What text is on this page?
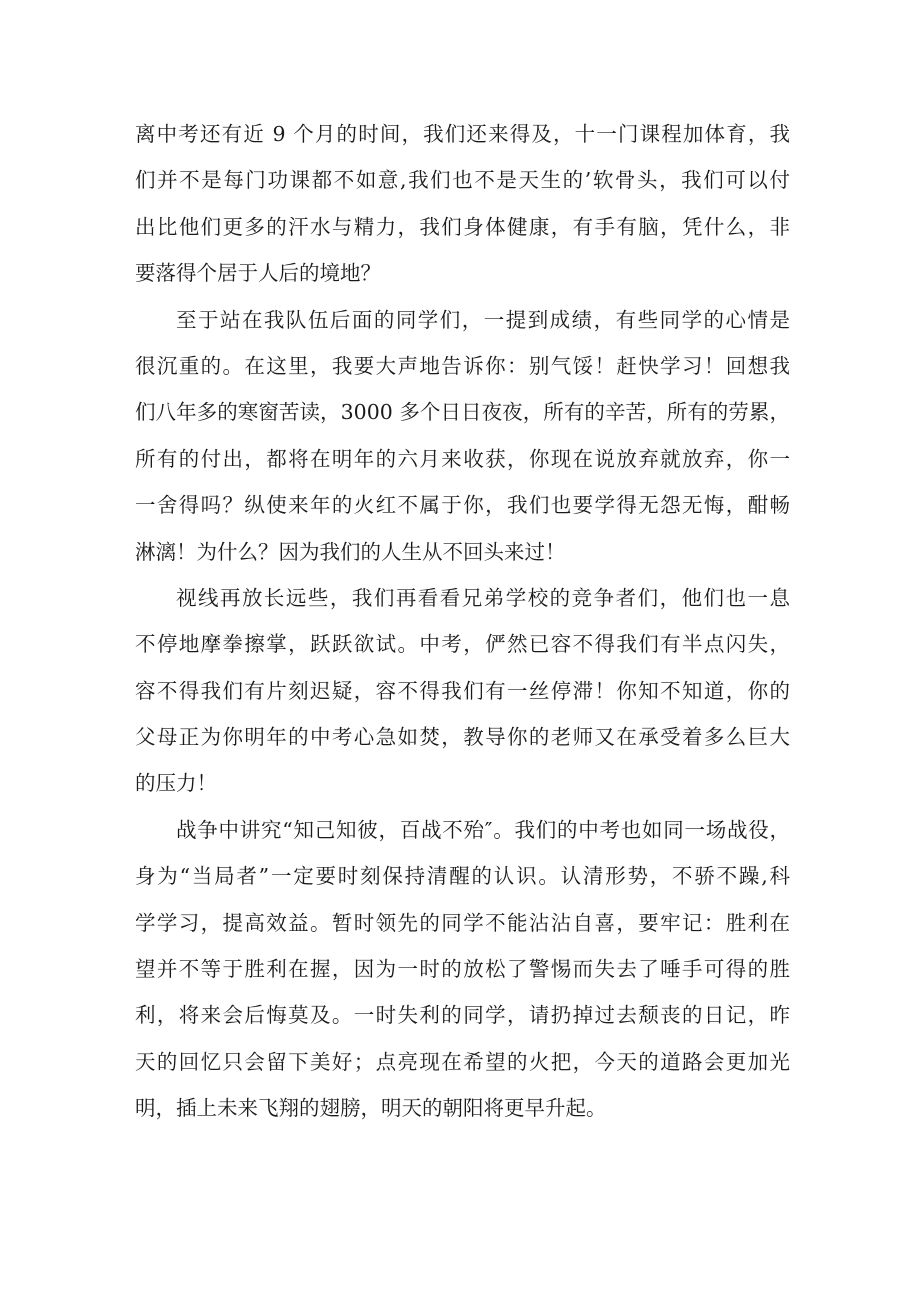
离中考还有近 9 个月的时间，我们还来得及，十一门课程加体育，我
们并不是每门功课都不如意,我们也不是天生的’软骨头，我们可以付
出比他们更多的汗水与精力，我们身体健康，有手有脑，凭什么，非
要落得个居于人后的境地？
至于站在我队伍后面的同学们，一提到成绩，有些同学的心情是
很沉重的。在这里，我要大声地告诉你：别气馁！赶快学习！回想我
们八年多的寒窗苦读，3000 多个日日夜夜，所有的辛苦，所有的劳累，
所有的付出，都将在明年的六月来收获，你现在说放弃就放弃，你一
一舍得吗？纵使来年的火红不属于你，我们也要学得无怨无悔，酣畅
淋漓！为什么？因为我们的人生从不回头来过！
视线再放长远些，我们再看看兄弟学校的竞争者们，他们也一息
不停地摩拳擦掌，跃跃欲试。中考，俨然已容不得我们有半点闪失，
容不得我们有片刻迟疑，容不得我们有一丝停滞！你知不知道，你的
父母正为你明年的中考心急如焚，教导你的老师又在承受着多么巨大
的压力！
战争中讲究“知己知彼，百战不殆″。我们的中考也如同一场战役，
身为“当局者”一定要时刻保持清醒的认识。认清形势，不骄不躁,科
学学习，提高效益。暂时领先的同学不能沾沾自喜，要牢记：胜利在
望并不等于胜利在握，因为一时的放松了警惕而失去了唾手可得的胜
利，将来会后悔莫及。一时失利的同学，请扔掉过去颓丧的日记，昨
天的回忆只会留下美好；点亮现在希望的火把，今天的道路会更加光
明，插上未来飞翔的翅膀，明天的朝阳将更早升起。
